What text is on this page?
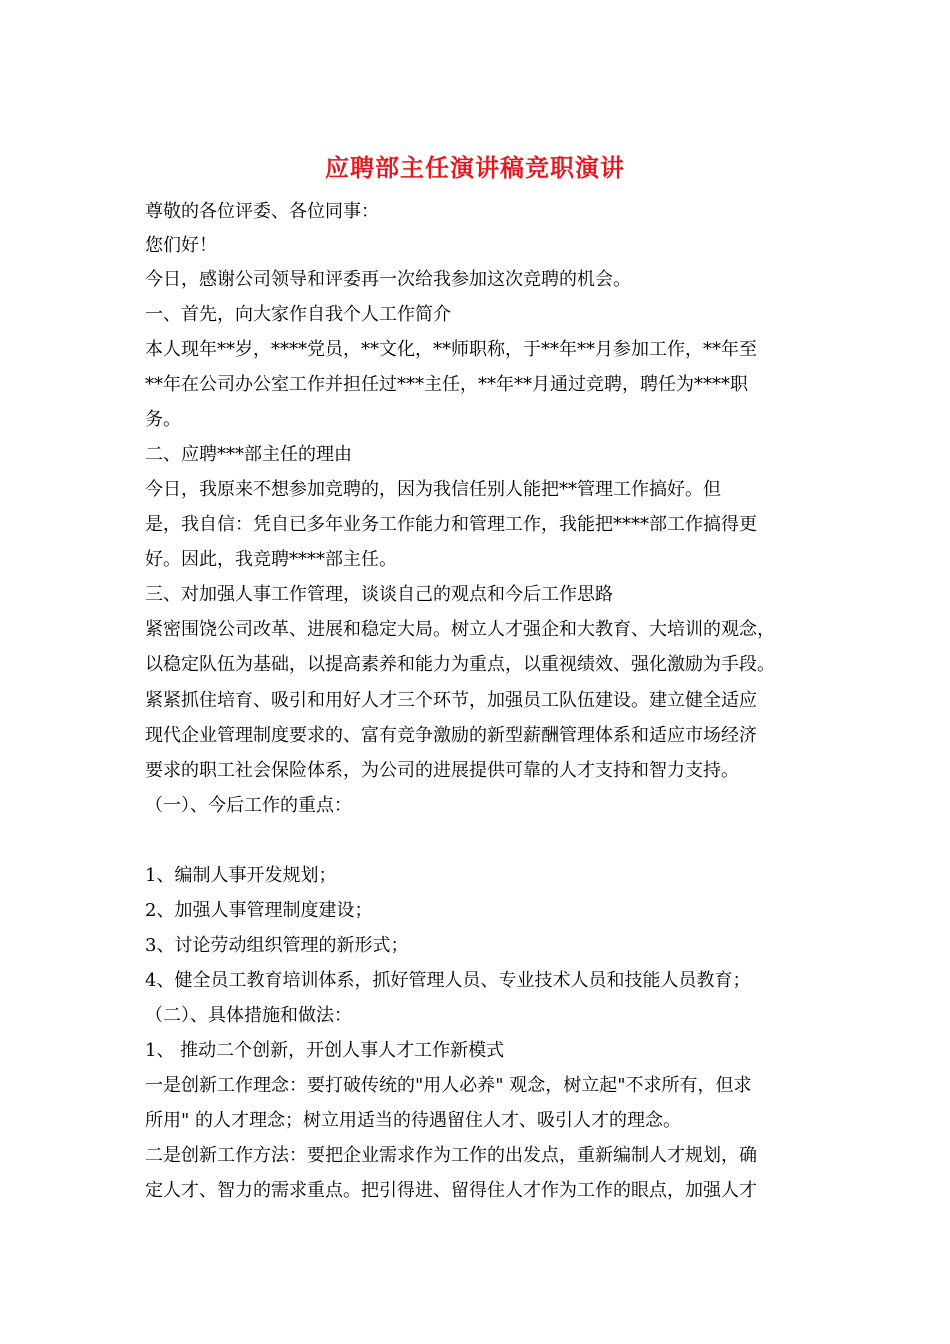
应聘部主任演讲稿竞职演讲
尊敬的各位评委、各位同事：
您们好！
今日，感谢公司领导和评委再一次给我参加这次竞聘的机会。
一、首先，向大家作自我个人工作简介
本人现年**岁，****党员，**文化，**师职称，于**年**月参加工作，**年至
**年在公司办公室工作并担任过***主任，**年**月通过竞聘，聘任为****职
务。
二、应聘***部主任的理由
今日，我原来不想参加竞聘的，因为我信任别人能把**管理工作搞好。但
是，我自信：凭自已多年业务工作能力和管理工作，我能把****部工作搞得更
好。因此，我竞聘****部主任。
三、对加强人事工作管理，谈谈自己的观点和今后工作思路
紧密围饶公司改革、进展和稳定大局。树立人才强企和大教育、大培训的观念，
以稳定队伍为基础，以提高素养和能力为重点，以重视绩效、强化激励为手段。
紧紧抓住培育、吸引和用好人才三个环节，加强员工队伍建设。建立健全适应
现代企业管理制度要求的、富有竞争激励的新型薪酬管理体系和适应市场经济
要求的职工社会保险体系，为公司的进展提供可靠的人才支持和智力支持。
（一）、今后工作的重点：
1、编制人事开发规划；
2、加强人事管理制度建设；
3、讨论劳动组织管理的新形式；
4、健全员工教育培训体系，抓好管理人员、专业技术人员和技能人员教育；
（二）、具体措施和做法：
1、 推动二个创新，开创人事人才工作新模式
一是创新工作理念：要打破传统的"用人必养" 观念，树立起"不求所有，但求
所用" 的人才理念；树立用适当的待遇留住人才、吸引人才的理念。
二是创新工作方法：要把企业需求作为工作的出发点，重新编制人才规划，确
定人才、智力的需求重点。把引得进、留得住人才作为工作的眼点，加强人才
